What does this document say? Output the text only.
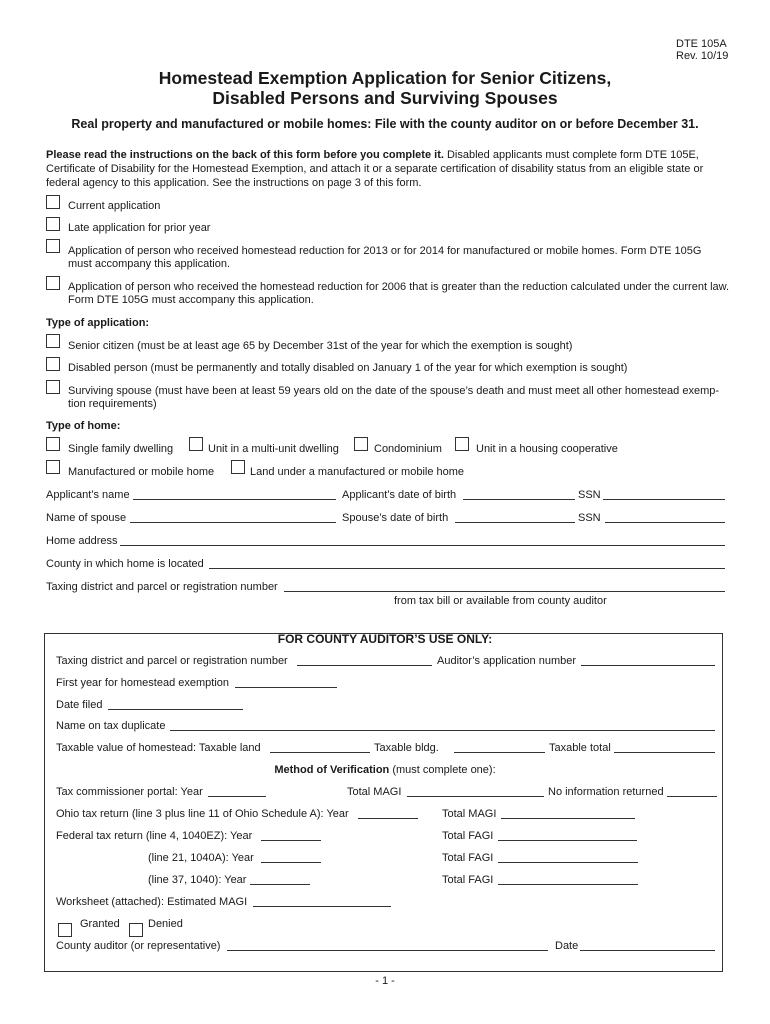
DTE 105A
Rev. 10/19
Homestead Exemption Application for Senior Citizens,
Disabled Persons and Surviving Spouses
Real property and manufactured or mobile homes: File with the county auditor on or before December 31.
Please read the instructions on the back of this form before you complete it. Disabled applicants must complete form DTE 105E,
Certificate of Disability for the Homestead Exemption, and attach it or a separate certification of disability status from an eligible state or
federal agency to this application. See the instructions on page 3 of this form.
Current application
Late application for prior year
Application of person who received homestead reduction for 2013 or for 2014 for manufactured or mobile homes. Form DTE 105G
must accompany this application.
Application of person who received the homestead reduction for 2006 that is greater than the reduction calculated under the current law.
Form DTE 105G must accompany this application.
Type of application:
Senior citizen (must be at least age 65 by December 31st of the year for which the exemption is sought)
Disabled person (must be permanently and totally disabled on January 1 of the year for which exemption is sought)
Surviving spouse (must have been at least 59 years old on the date of the spouse’s death and must meet all other homestead exemp-
tion requirements)
Type of home:
Single family dwelling	Unit in a multi-unit dwelling	Condominium	Unit in a housing cooperative
Manufactured or mobile home	Land under a manufactured or mobile home
Applicant’s name	Applicant’s date of birth	SSN
Name of spouse	Spouse’s date of birth	SSN
Home address
County in which home is located
Taxing district and parcel or registration number
from tax bill or available from county auditor
FOR COUNTY AUDITOR’S USE ONLY:
Taxing district and parcel or registration number	Auditor’s application number
First year for homestead exemption
Date filed
Name on tax duplicate
Taxable value of homestead: Taxable land	Taxable bldg.	Taxable total
Method of Verification (must complete one):
Tax commissioner portal: Year	Total MAGI	No information returned
Ohio tax return (line 3 plus line 11 of Ohio Schedule A): Year	Total MAGI
Federal tax return (line 4, 1040EZ): Year	Total FAGI
(line 21, 1040A): Year	Total FAGI
(line 37, 1040): Year	Total FAGI
Worksheet (attached): Estimated MAGI
Granted	Denied
County auditor (or representative)	Date
- 1 -
